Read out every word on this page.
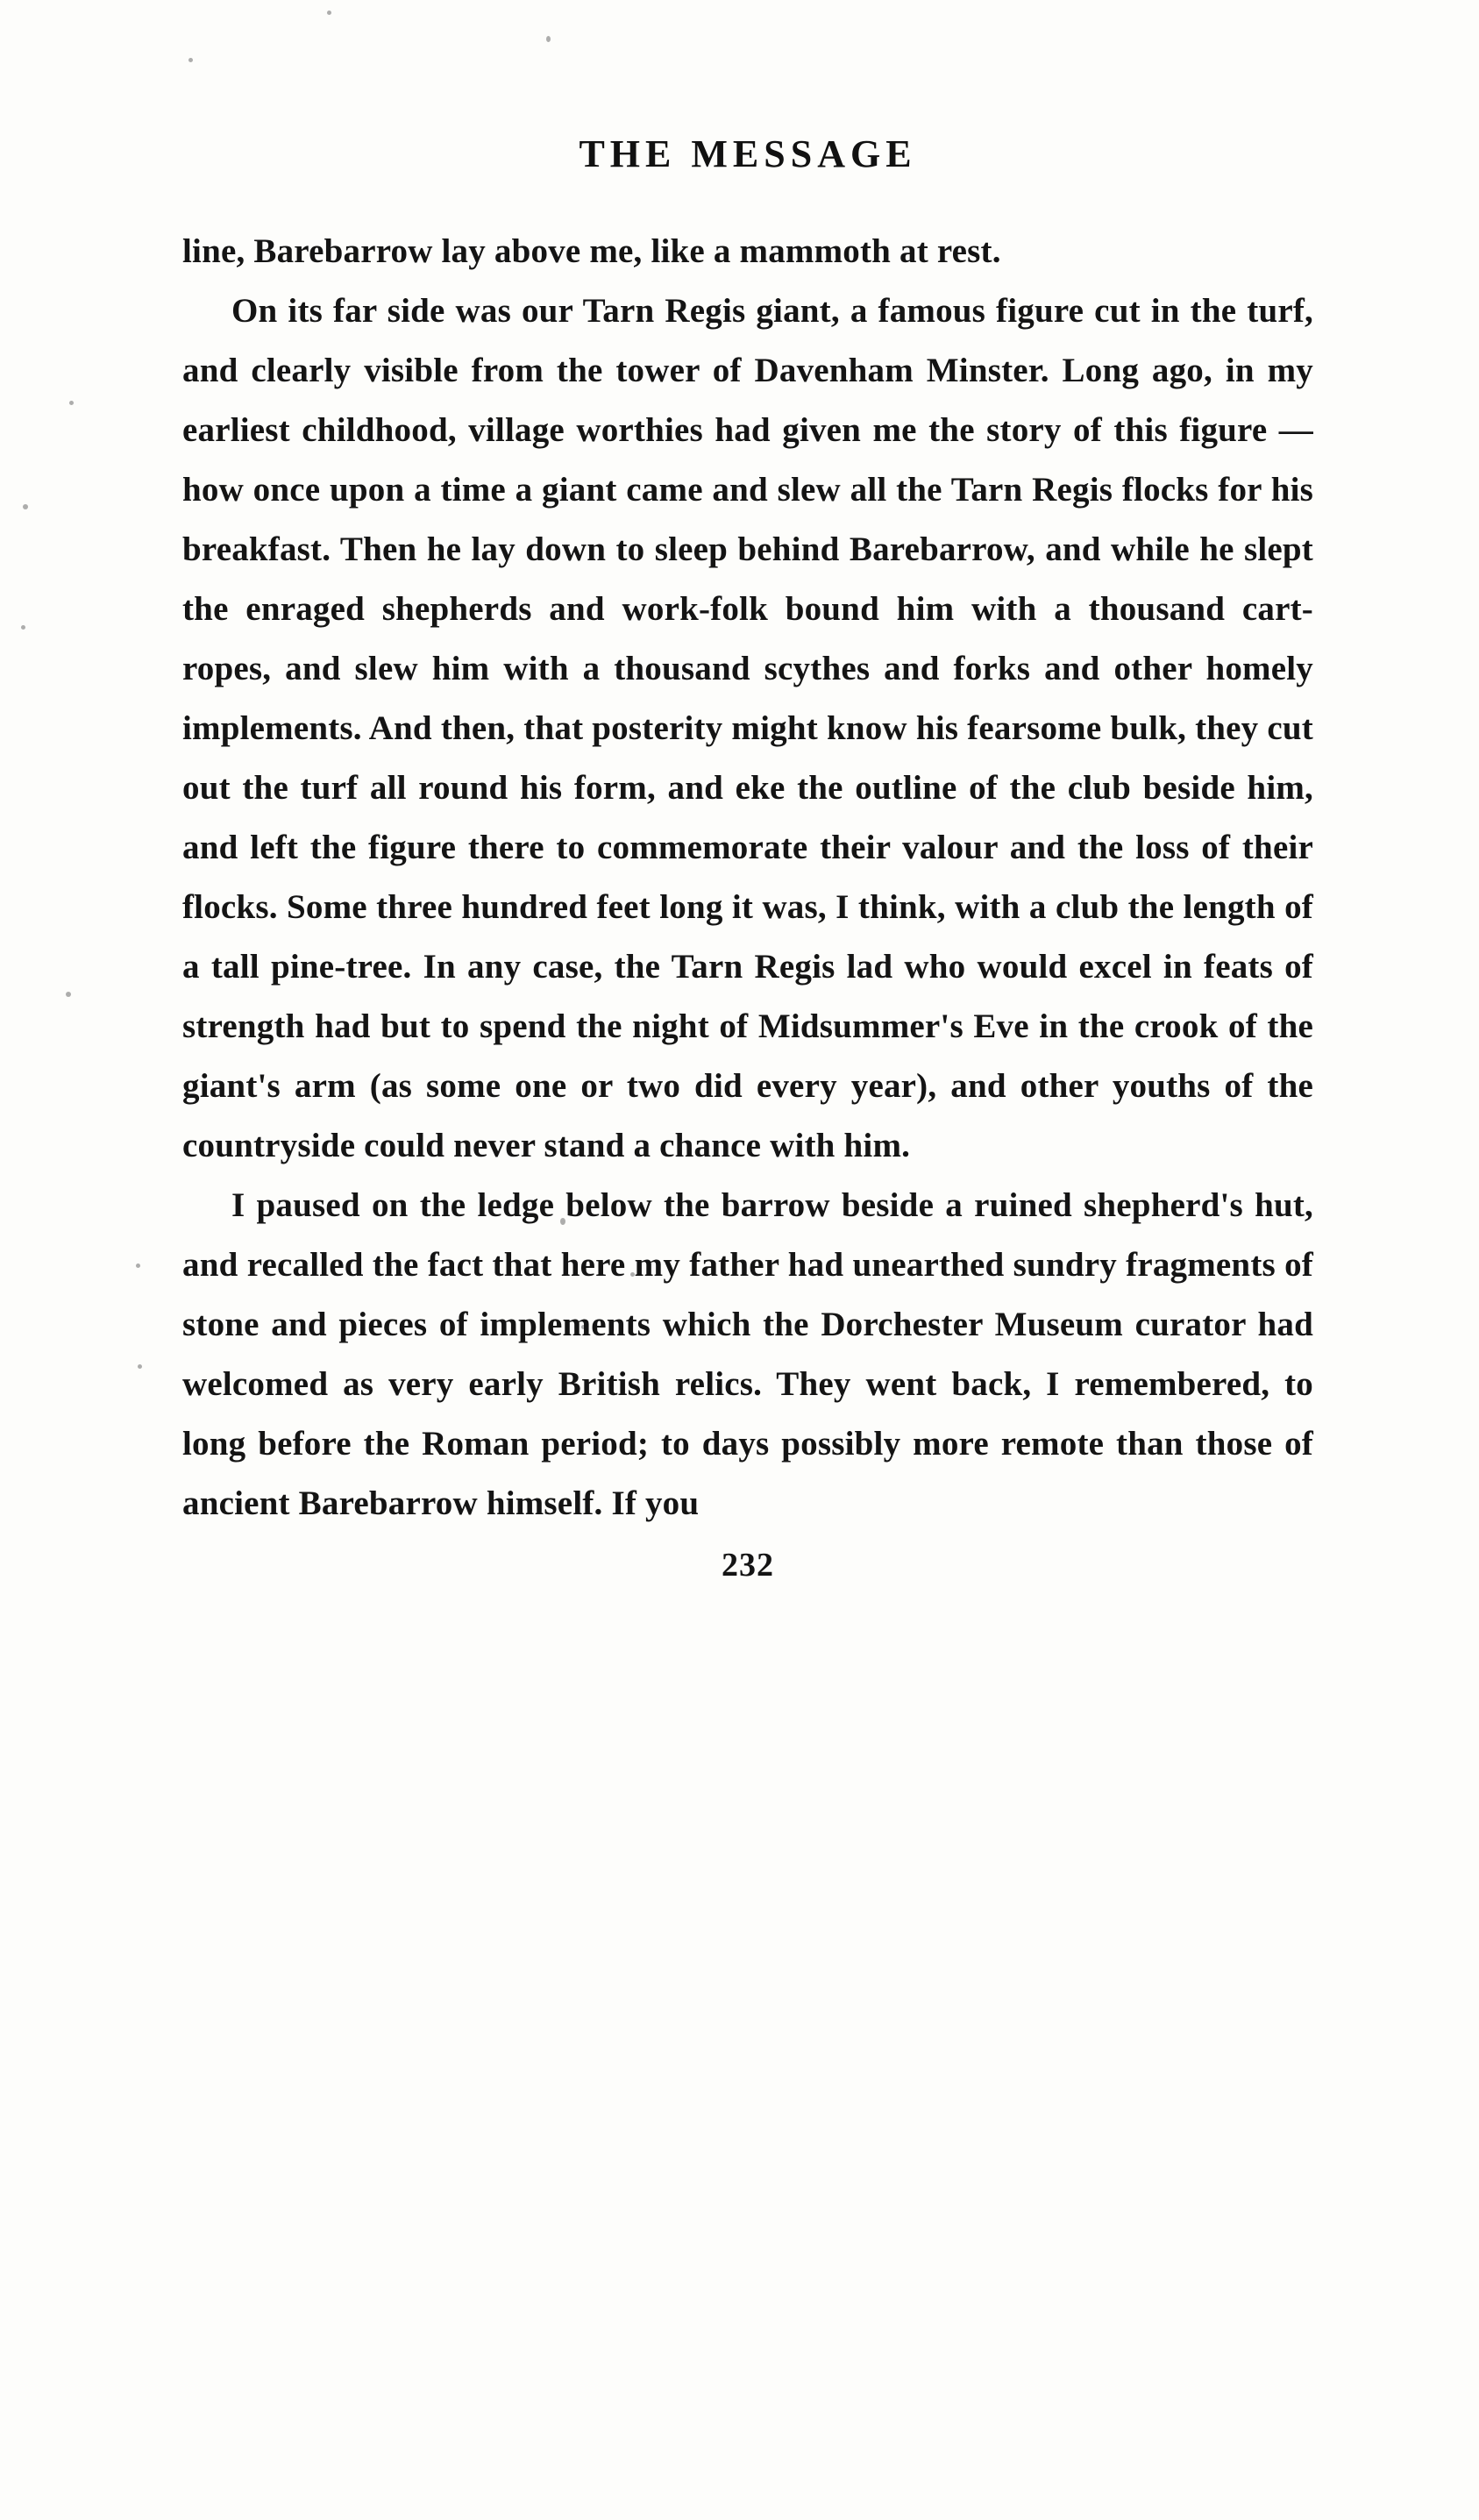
THE MESSAGE

line, Barebarrow lay above me, like a mammoth at rest.

On its far side was our Tarn Regis giant, a famous figure cut in the turf, and clearly visible from the tower of Davenham Minster. Long ago, in my earliest childhood, village worthies had given me the story of this figure — how once upon a time a giant came and slew all the Tarn Regis flocks for his breakfast. Then he lay down to sleep behind Barebarrow, and while he slept the enraged shepherds and work-folk bound him with a thousand cart-ropes, and slew him with a thousand scythes and forks and other homely implements. And then, that posterity might know his fearsome bulk, they cut out the turf all round his form, and eke the outline of the club beside him, and left the figure there to commemorate their valour and the loss of their flocks. Some three hundred feet long it was, I think, with a club the length of a tall pine-tree. In any case, the Tarn Regis lad who would excel in feats of strength had but to spend the night of Midsummer's Eve in the crook of the giant's arm (as some one or two did every year), and other youths of the countryside could never stand a chance with him.

I paused on the ledge below the barrow beside a ruined shepherd's hut, and recalled the fact that here my father had unearthed sundry fragments of stone and pieces of implements which the Dorchester Museum curator had welcomed as very early British relics. They went back, I remembered, to long before the Roman period; to days possibly more remote than those of ancient Barebarrow himself. If you

232
